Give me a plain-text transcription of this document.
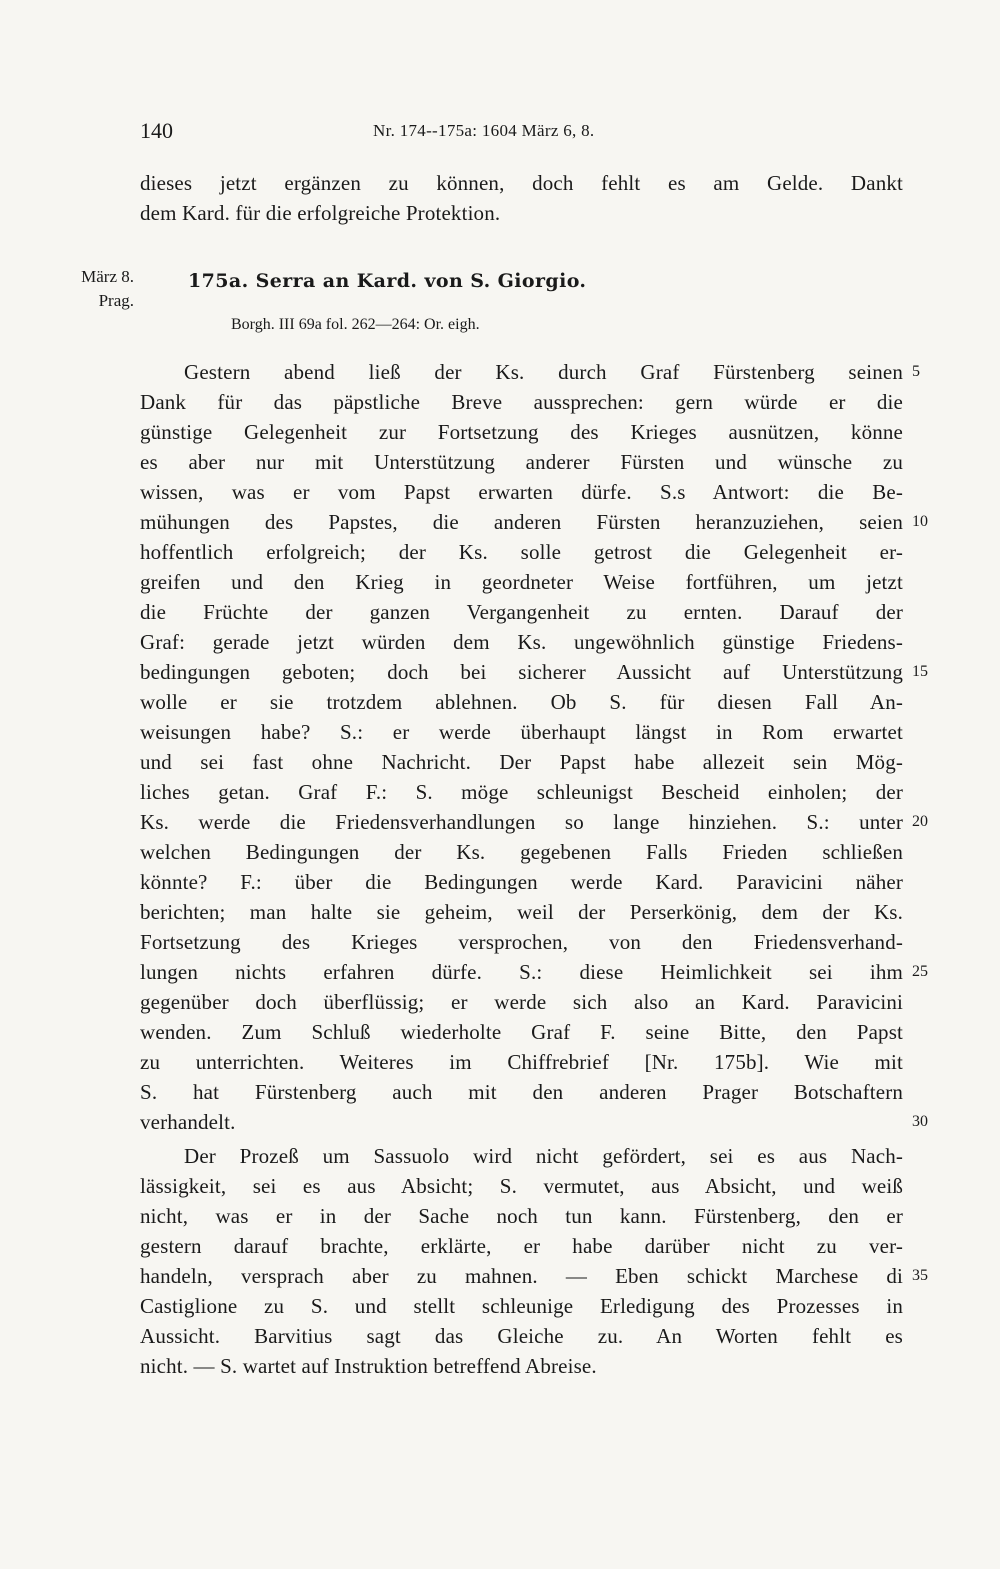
140	Nr. 174--175a: 1604 März 6, 8.
dieses jetzt ergänzen zu können, doch fehlt es am Gelde. Dankt
dem Kard. für die erfolgreiche Protektion.
März 8.
Prag.
175a. Serra an Kard. von S. Giorgio.
Borgh. III 69a fol. 262—264: Or. eigh.
Gestern abend ließ der Ks. durch Graf Fürstenberg seinen
Dank für das päpstliche Breve aussprechen: gern würde er die
günstige Gelegenheit zur Fortsetzung des Krieges ausnützen, könne
es aber nur mit Unterstützung anderer Fürsten und wünsche zu
wissen, was er vom Papst erwarten dürfe. S.s Antwort: die Be-
mühungen des Papstes, die anderen Fürsten heranzuziehen, seien
hoffentlich erfolgreich; der Ks. solle getrost die Gelegenheit er-
greifen und den Krieg in geordneter Weise fortführen, um jetzt
die Früchte der ganzen Vergangenheit zu ernten. Darauf der
Graf: gerade jetzt würden dem Ks. ungewöhnlich günstige Friedens-
bedingungen geboten; doch bei sicherer Aussicht auf Unterstützung
wolle er sie trotzdem ablehnen. Ob S. für diesen Fall An-
weisungen habe? S.: er werde überhaupt längst in Rom erwartet
und sei fast ohne Nachricht. Der Papst habe allezeit sein Mög-
liches getan. Graf F.: S. möge schleunigst Bescheid einholen; der
Ks. werde die Friedensverhandlungen so lange hinziehen. S.: unter
welchen Bedingungen der Ks. gegebenen Falls Frieden schließen
könnte? F.: über die Bedingungen werde Kard. Paravicini näher
berichten; man halte sie geheim, weil der Perserkönig, dem der Ks.
Fortsetzung des Krieges versprochen, von den Friedensverhand-
lungen nichts erfahren dürfe. S.: diese Heimlichkeit sei ihm
gegenüber doch überflüssig; er werde sich also an Kard. Paravicini
wenden. Zum Schluß wiederholte Graf F. seine Bitte, den Papst
zu unterrichten. Weiteres im Chiffrebrief [Nr. 175b]. Wie mit
S. hat Fürstenberg auch mit den anderen Prager Botschaftern
verhandelt.
Der Prozeß um Sassuolo wird nicht gefördert, sei es aus Nach-
lässigkeit, sei es aus Absicht; S. vermutet, aus Absicht, und weiß
nicht, was er in der Sache noch tun kann. Fürstenberg, den er
gestern darauf brachte, erklärte, er habe darüber nicht zu ver-
handeln, versprach aber zu mahnen. — Eben schickt Marchese di
Castiglione zu S. und stellt schleunige Erledigung des Prozesses in
Aussicht. Barvitius sagt das Gleiche zu. An Worten fehlt es
nicht. — S. wartet auf Instruktion betreffend Abreise.
5
10
15
20
25
30
35
